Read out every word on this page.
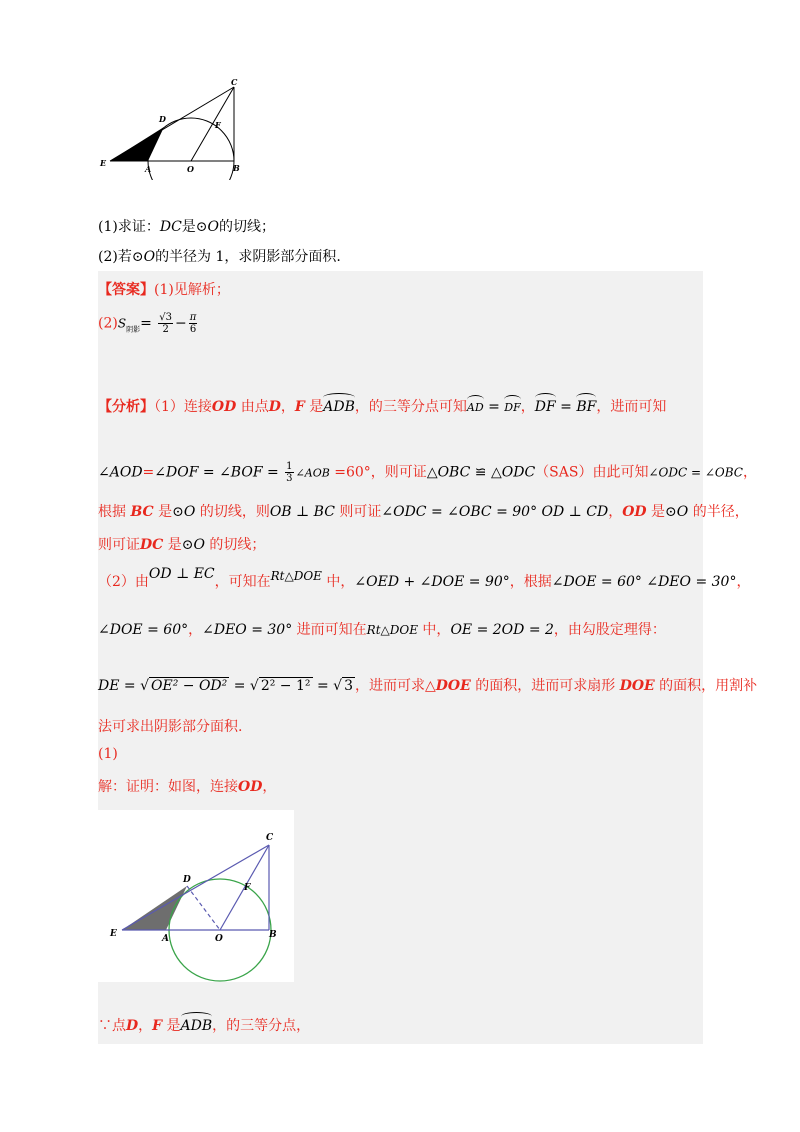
C
D
F
E
A	O	B
(1)求证：DC是⊙O的切线；
(2)若⊙O的半径为 1，求阴影部分面积.
【答案】(1)见解析；
$(2)S_{阴影}= \frac{√3}{2} - \frac{\pi}{6}$
【分析】（1）连接OD 由点D，F 是ADB，的三等分点可知AD = DF，DF = BF，进而可知
∠AOD=∠DOF = ∠BOF = $\frac{1}{3}$ ∠AOB =60°，则可证△OBC ≌ △ODC（SAS）由此可知∠ODC = ∠OBC，
根据 BC 是⊙O 的切线，则OB ⊥ BC 则可证∠ODC = ∠OBC = 90° OD ⊥ CD，OD 是⊙O 的半径，
则可证DC 是⊙O 的切线；
（2）由OD ⊥ EC，可知在Rt△DOE 中，∠OED + ∠DOE = 90°，根据∠DOE = 60° ∠DEO = 30°，
∠DOE = 60°，∠DEO = 30° 进而可知在Rt△DOE 中，OE = 2OD = 2，由勾股定理得：
DE = √ OE² − OD² = √ 2² − 1² = √ 3 ，进而可求△DOE 的面积，进而可求扇形 DOE 的面积，用割补
法可求出阴影部分面积.
(1)
解：证明：如图，连接OD，
C
D
F
E	A	O	B
∵点D，F 是ADB，的三等分点，
